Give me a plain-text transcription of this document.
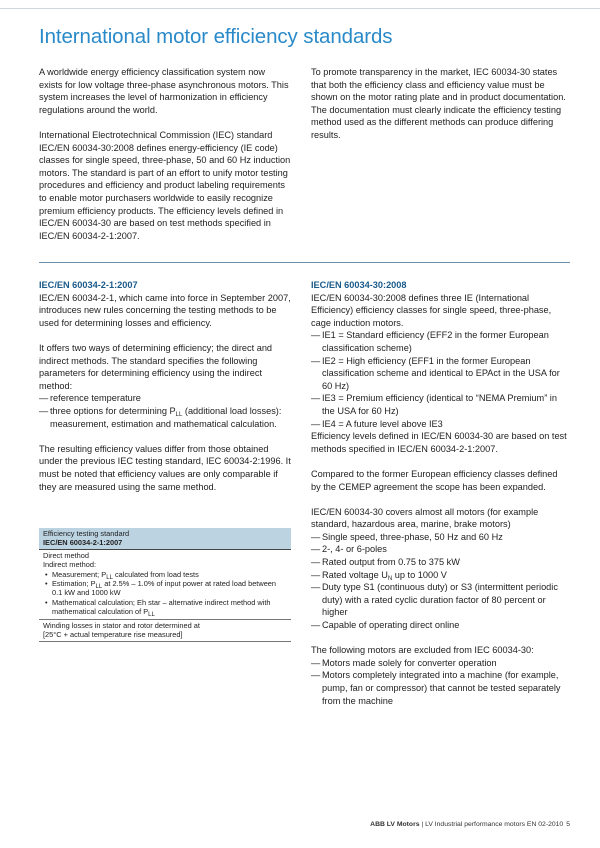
International motor efficiency standards

A worldwide energy efficiency classification system now exists for low voltage three-phase asynchronous motors. This system increases the level of harmonization in efficiency regulations around the world.

International Electrotechnical Commission (IEC) standard IEC/EN 60034-30:2008 defines energy-efficiency (IE code) classes for single speed, three-phase, 50 and 60 Hz induction motors. The standard is part of an effort to unify motor testing procedures and efficiency and product labeling requirements to enable motor purchasers worldwide to easily recognize premium efficiency products. The efficiency levels defined in IEC/EN 60034-30 are based on test methods specified in IEC/EN 60034-2-1:2007.

To promote transparency in the market, IEC 60034-30 states that both the efficiency class and efficiency value must be shown on the motor rating plate and in product documentation. The documentation must clearly indicate the efficiency testing method used as the different methods can produce differing results.

IEC/EN 60034-2-1:2007

IEC/EN 60034-2-1, which came into force in September 2007, introduces new rules concerning the testing methods to be used for determining losses and efficiency.

It offers two ways of determining efficiency; the direct and indirect methods. The standard specifies the following parameters for determining efficiency using the indirect method:

— reference temperature

— three options for determining $P_{LL}$ (additional load losses): measurement, estimation and mathematical calculation.

The resulting efficiency values differ from those obtained under the previous IEC testing standard, IEC 60034-2:1996. It must be noted that efficiency values are only comparable if they are measured using the same method.

Efficiency testing standard
IEC/EN 60034-2-1:2007
Direct method
Indirect method:
• Measurement; $P_{LL}$ calculated from load tests
• Estimation; $P_{LL}$ at 2.5% – 1.0% of input power at rated load between 0.1 kW and 1000 kW
• Mathematical calculation; Eh star – alternative indirect method with mathematical calculation of $P_{LL}$
Winding losses in stator and rotor determined at
[25°C + actual temperature rise measured]

IEC/EN 60034-30:2008

IEC/EN 60034-30:2008 defines three IE (International Efficiency) efficiency classes for single speed, three-phase, cage induction motors.

— IE1 = Standard efficiency (EFF2 in the former European classification scheme)

— IE2 = High efficiency (EFF1 in the former European classification scheme and identical to EPAct in the USA for 60 Hz)

— IE3 = Premium efficiency (identical to “NEMA Premium” in the USA for 60 Hz)

— IE4 = A future level above IE3

Efficiency levels defined in IEC/EN 60034-30 are based on test methods specified in IEC/EN 60034-2-1:2007.

Compared to the former European efficiency classes defined by the CEMEP agreement the scope has been expanded.

IEC/EN 60034-30 covers almost all motors (for example standard, hazardous area, marine, brake motors)

— Single speed, three-phase, 50 Hz and 60 Hz

— 2-, 4- or 6-poles

— Rated output from 0.75 to 375 kW

— Rated voltage $U_N$ up to 1000 V

— Duty type S1 (continuous duty) or S3 (intermittent periodic duty) with a rated cyclic duration factor of 80 percent or higher

— Capable of operating direct online

The following motors are excluded from IEC 60034-30:

— Motors made solely for converter operation

— Motors completely integrated into a machine (for example, pump, fan or compressor) that cannot be tested separately from the machine

ABB LV Motors | LV Industrial performance motors EN 02-2010 5
